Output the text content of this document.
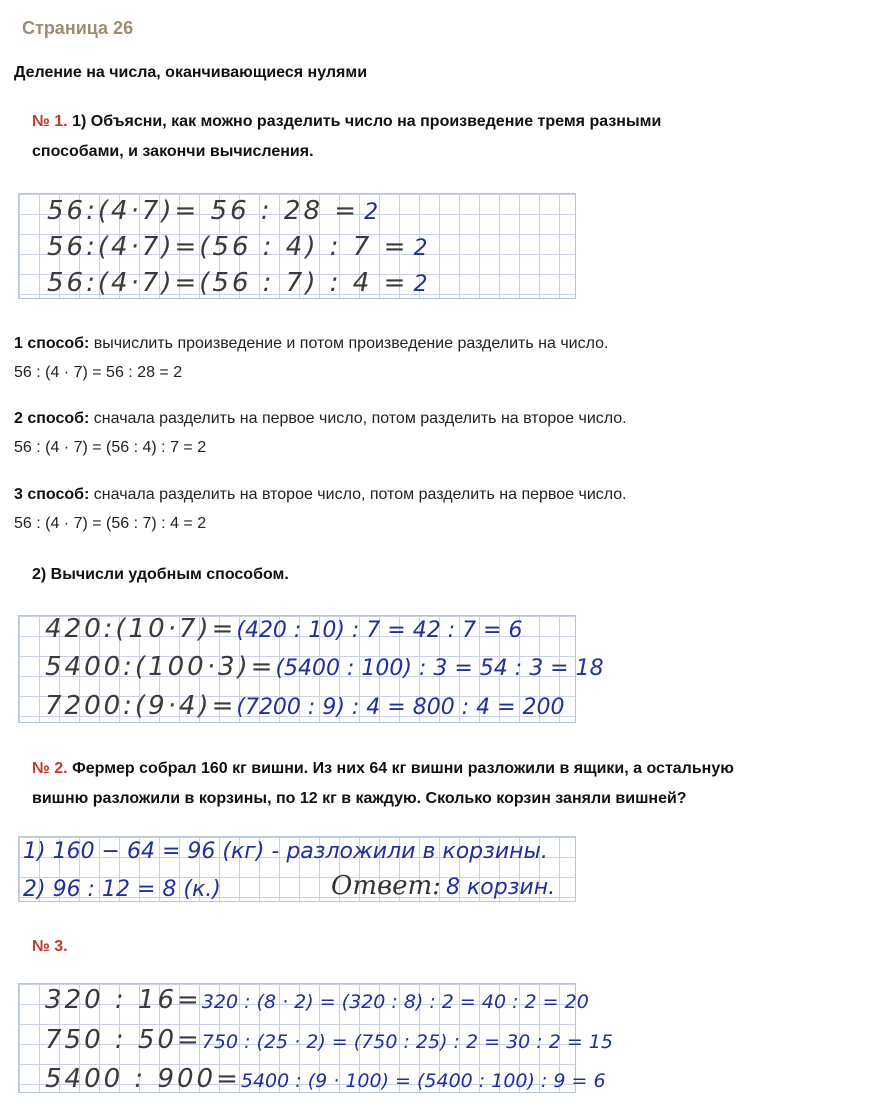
Страница 26
Деление на числа, оканчивающиеся нулями
№ 1. 1) Объясни, как можно разделить число на произведение тремя разными
способами, и закончи вычисления.
56:(4·7)= 56 : 28 = 2
56:(4·7)=(56 : 4) : 7 = 2
56:(4·7)=(56 : 7) : 4 = 2
1 способ: вычислить произведение и потом произведение разделить на число.
56 : (4 · 7) = 56 : 28 = 2
2 способ: сначала разделить на первое число, потом разделить на второе число.
56 : (4 · 7) = (56 : 4) : 7 = 2
3 способ: сначала разделить на второе число, потом разделить на первое число.
56 : (4 · 7) = (56 : 7) : 4 = 2
2) Вычисли удобным способом.
420:(10·7)=(420 : 10) : 7 = 42 : 7 = 6
5400:(100·3)=(5400 : 100) : 3 = 54 : 3 = 18
7200:(9·4)=(7200 : 9) : 4 = 800 : 4 = 200
№ 2. Фермер собрал 160 кг вишни. Из них 64 кг вишни разложили в ящики, а остальную
вишню разложили в корзины, по 12 кг в каждую. Сколько корзин заняли вишней?
1) 160 − 64 = 96 (кг) - разложили в корзины.
2) 96 : 12 = 8 (к.)	Ответ: 8 корзин.
№ 3.
320 : 16=320 : (8 · 2) = (320 : 8) : 2 = 40 : 2 = 20
750 : 50=750 : (25 · 2) = (750 : 25) : 2 = 30 : 2 = 15
5400 : 900=5400 : (9 · 100) = (5400 : 100) : 9 = 6
